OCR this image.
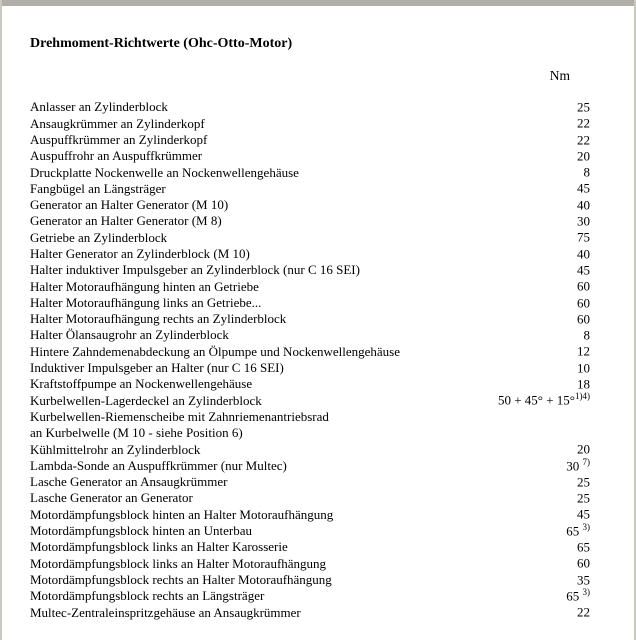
Drehmoment-Richtwerte (Ohc-Otto-Motor)
Nm
Anlasser an Zylinderblock	25
Ansaugkrümmer an Zylinderkopf	22
Auspuffkrümmer an Zylinderkopf	22
Auspuffrohr an Auspuffkrümmer	20
Druckplatte Nockenwelle an Nockenwellengehäuse	8
Fangbügel an Längsträger	45
Generator an Halter Generator (M 10)	40
Generator an Halter Generator (M 8)	30
Getriebe an Zylinderblock	75
Halter Generator an Zylinderblock (M 10)	40
Halter induktiver Impulsgeber an Zylinderblock (nur C 16 SEI)	45
Halter Motoraufhängung hinten an Getriebe	60
Halter Motoraufhängung links an Getriebe...	60
Halter Motoraufhängung rechts an Zylinderblock	60
Halter Ölansaugrohr an Zylinderblock	8
Hintere Zahndemenabdeckung an Ölpumpe und Nockenwellengehäuse	12
Induktiver Impulsgeber an Halter (nur C 16 SEI)	10
Kraftstoffpumpe an Nockenwellengehäuse	18
Kurbelwellen-Lagerdeckel an Zylinderblock	50 + 45° + 15°$^{1)4)}$
Kurbelwellen-Riemenscheibe mit Zahnriemenantriebsrad
an Kurbelwelle (M 10 - siehe Position 6)
Kühlmittelrohr an Zylinderblock	20
Lambda-Sonde an Auspuffkrümmer (nur Multec)	30 $^{7)}$
Lasche Generator an Ansaugkrümmer	25
Lasche Generator an Generator	25
Motordämpfungsblock hinten an Halter Motoraufhängung	45
Motordämpfungsblock hinten an Unterbau	65 $^{3)}$
Motordämpfungsblock links an Halter Karosserie	65
Motordämpfungsblock links an Halter Motoraufhängung	60
Motordämpfungsblock rechts an Halter Motoraufhängung	35
Motordämpfungsblock rechts an Längsträger	65 $^{3)}$
Multec-Zentraleinspritzgehäuse an Ansaugkrümmer	22
